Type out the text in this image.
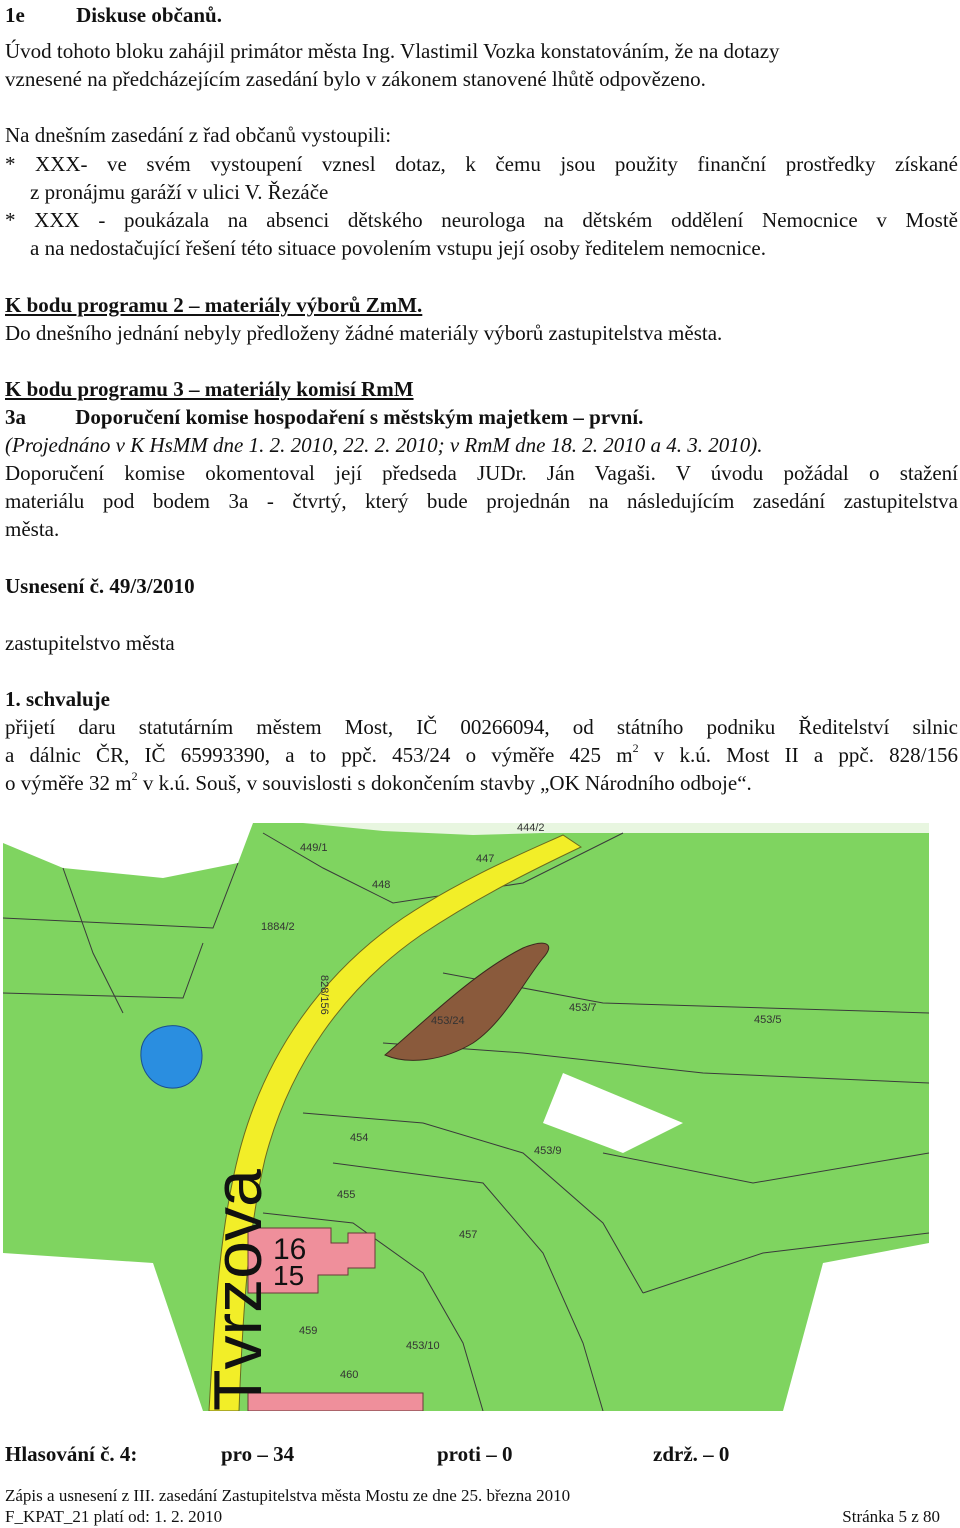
1e Diskuse občanů.
Úvod tohoto bloku zahájil primátor města Ing. Vlastimil Vozka konstatováním, že na dotazy
vznesené na předcházejícím zasedání bylo v zákonem stanovené lhůtě odpovězeno.
Na dnešním zasedání z řad občanů vystoupili:
* XXX- ve svém vystoupení vznesl dotaz, k čemu jsou použity finanční prostředky získané
z pronájmu garáží v ulici V. Řezáče
* XXX - poukázala na absenci dětského neurologa na dětském oddělení Nemocnice v Mostě
a na nedostačující řešení této situace povolením vstupu její osoby ředitelem nemocnice.
K bodu programu 2 – materiály výborů ZmM.
Do dnešního jednání nebyly předloženy žádné materiály výborů zastupitelstva města.
K bodu programu 3 – materiály komisí RmM
3a Doporučení komise hospodaření s městským majetkem – první.
(Projednáno v K HsMM dne 1. 2. 2010, 22. 2. 2010; v RmM dne 18. 2. 2010 a 4. 3. 2010).
Doporučení komise okomentoval její předseda JUDr. Ján Vagaši. V úvodu požádal o stažení
materiálu pod bodem 3a - čtvrtý, který bude projednán na následujícím zasedání zastupitelstva
města.
Usnesení č. 49/3/2010
zastupitelstvo města
1. schvaluje
přijetí daru statutárním městem Most, IČ 00266094, od státního podniku Ředitelství silnic
a dálnic ČR, IČ 65993390, a to ppč. 453/24 o výměře 425 $m^2$ v k.ú. Most II a ppč. 828/156
o výměře 32 $m^2$ v k.ú. Souš, v souvislosti s dokončením stavby „OK Národního odboje“.
444/2
449/1
447
448
1884/2
828/156
453/24
453/7
453/5
454
453/9
455
457
459
453/10
460
16
15
Tvrzova
Hlasování č. 4:	pro – 34	proti – 0	zdrž. – 0
Zápis a usnesení z III. zasedání Zastupitelstva města Mostu ze dne 25. března 2010
F_KPAT_21 platí od: 1. 2. 2010	Stránka 5 z 80
